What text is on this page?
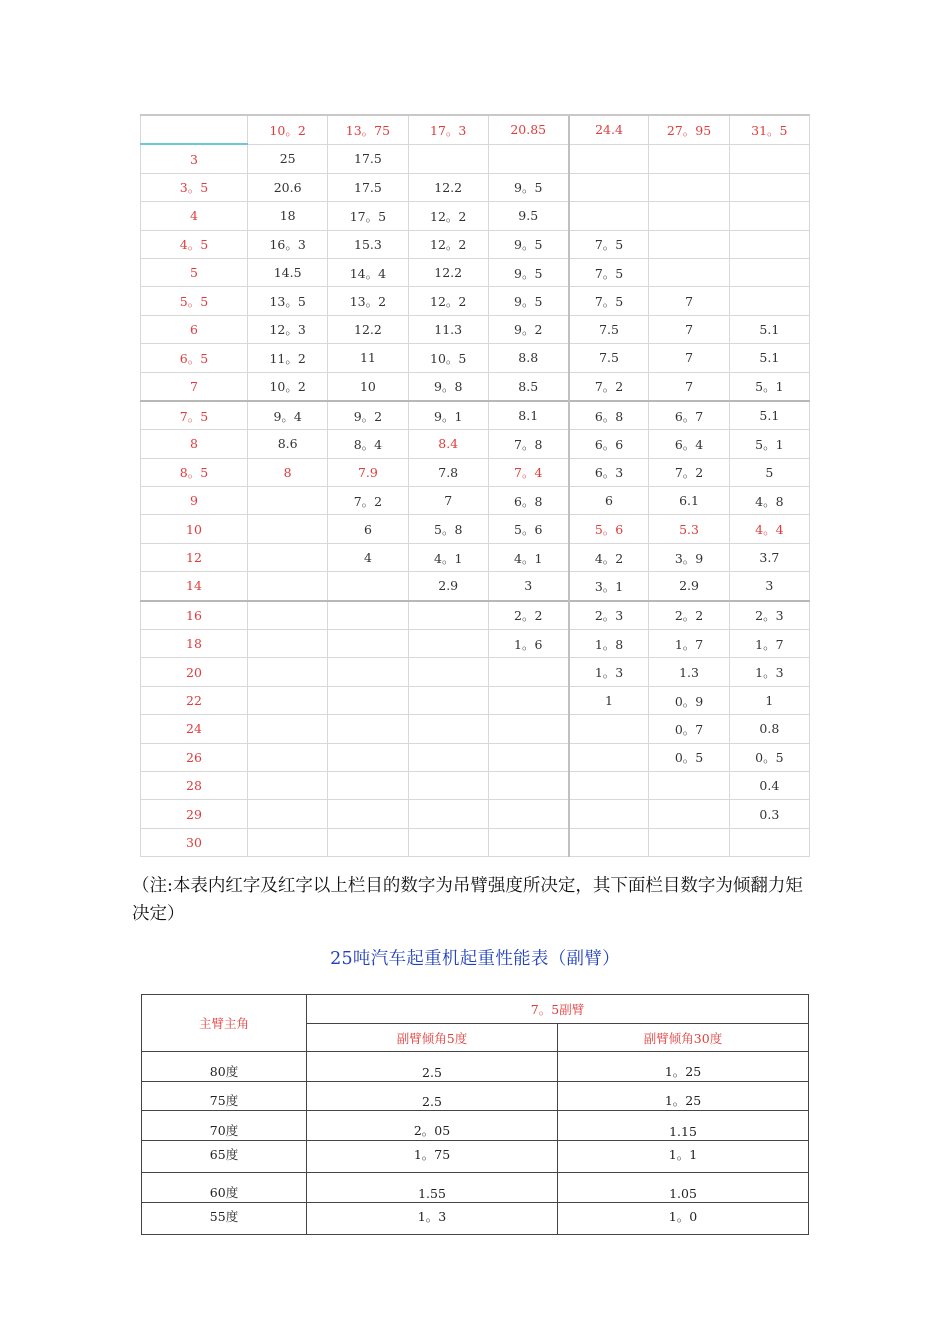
	10。2	13。75	17。3	20.85	24.4	27。95	31。5
3	25	17.5					
3。5	20.6	17.5	12.2	9。5			
4	18	17。5	12。2	9.5			
4。5	16。3	15.3	12。2	9。5	7。5		
5	14.5	14。4	12.2	9。5	7。5		
5。5	13。5	13。2	12。2	9。5	7。5	7	
6	12。3	12.2	11.3	9。2	7.5	7	5.1
6。5	11。2	11	10。5	8.8	7.5	7	5.1
7	10。2	10	9。8	8.5	7。2	7	5。1
7。5	9。4	9。2	9。1	8.1	6。8	6。7	5.1
8	8.6	8。4	8.4	7。8	6。6	6。4	5。1
8。5	8	7.9	7.8	7。4	6。3	7。2	5
9		7。2	7	6。8	6	6.1	4。8
10		6	5。8	5。6	5。6	5.3	4。4
12		4	4。1	4。1	4。2	3。9	3.7
14			2.9	3	3。1	2.9	3
16				2。2	2。3	2。2	2。3
18				1。6	1。8	1。7	1。7
20					1。3	1.3	1。3
22					1	0。9	1
24						0。7	0.8
26						0。5	0。5
28							0.4
29							0.3
30							
（注:本表内红字及红字以上栏目的数字为吊臂强度所决定，其下面栏目数字为倾翻力矩决定）
25吨汽车起重机起重性能表（副臂）
主臂主角	7。5副臂	
	副臂倾角5度	副臂倾角30度
80度	2.5	1。25
75度	2.5	1。25
70度	2。05	1.15
65度	1。75	1。1
60度	1.55	1.05
55度	1。3	1。0
